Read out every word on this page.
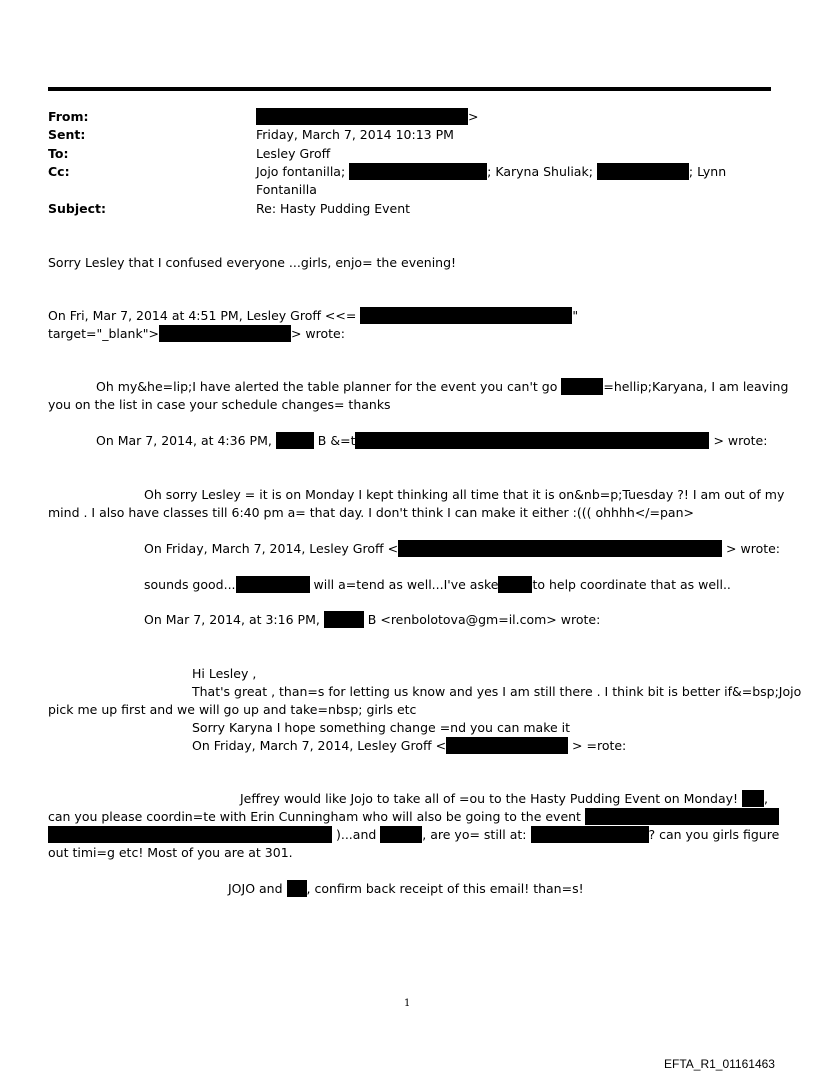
From:	>
Sent:	Friday, March 7, 2014 10:13 PM
To:	Lesley Groff
Cc:	Jojo fontanilla;	; Karyna Shuliak;	; Lynn
Fontanilla
Subject:	Re: Hasty Pudding Event
Sorry Lesley that I confused everyone ...girls, enjo= the evening!
On Fri, Mar 7, 2014 at 4:51 PM, Lesley Groff <<=	"
target="_blank">	> wrote:
Oh my&he=lip;I have alerted the table planner for the event you can't go	=hellip;Karyana, I am leaving
you on the list in case your schedule changes= thanks
On Mar 7, 2014, at 4:36 PM,	B &=t	> wrote:
Oh sorry Lesley = it is on Monday I kept thinking all time that it is on&nb=p;Tuesday ?! I am out of my
mind . I also have classes till 6:40 pm a= that day. I don't think I can make it either :((( ohhhh</=pan>
On Friday, March 7, 2014, Lesley Groff <	> wrote:
sounds good...	will a=tend as well...I've aske	to help coordinate that as well..
On Mar 7, 2014, at 3:16 PM,	B <renbolotova@gm=il.com> wrote:
Hi Lesley ,
That's great , than=s for letting us know and yes I am still there . I think bit is better if&=bsp;Jojo
pick me up first and we will go up and take=nbsp; girls etc
Sorry Karyna I hope something change =nd you can make it
On Friday, March 7, 2014, Lesley Groff <	> =rote:
Jeffrey would like Jojo to take all of =ou to the Hasty Pudding Event on Monday! ,
can you please coordin=te with Erin Cunningham who will also be going to the event
)...and	, are yo= still at:	? can you girls figure
out timi=g etc! Most of you are at 301.
JOJO and , confirm back receipt of this email! than=s!
1
EFTA_R1_01161463
